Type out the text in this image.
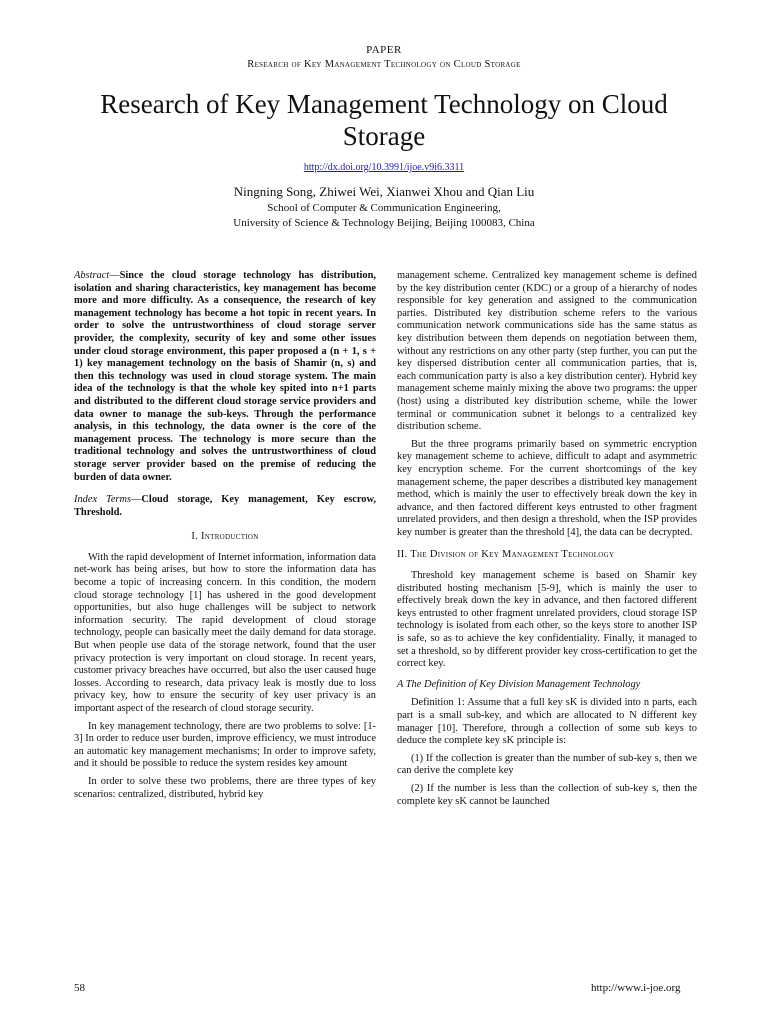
PAPER
Research of Key Management Technology on Cloud Storage
Research of Key Management Technology on Cloud Storage
http://dx.doi.org/10.3991/ijoe.v9i6.3311
Ningning Song, Zhiwei Wei, Xianwei Xhou and Qian Liu
School of Computer & Communication Engineering,
University of Science & Technology Beijing, Beijing 100083, China

Abstract—Since the cloud storage technology has distribution, isolation and sharing characteristics, key management has become more and more difficulty. As a consequence, the research of key management technology has become a hot topic in recent years. In order to solve the untrustworthiness of cloud storage server provider, the complexity, security of key and some other issues under cloud storage environment, this paper proposed a (n + 1, s + 1) key management technology on the basis of Shamir (n, s) and then this technology was used in cloud storage system. The main idea of the technology is that the whole key spited into n+1 parts and distributed to the different cloud storage service providers and data owner to manage the sub-keys. Through the performance analysis, in this technology, the data owner is the core of the management process. The technology is more secure than the traditional technology and solves the untrustworthiness of cloud storage server provider based on the premise of reducing the burden of data owner.

Index Terms—Cloud storage, Key management, Key escrow, Threshold.

I. Introduction

With the rapid development of Internet information, information data net-work has being arises, but how to store the information data has become a topic of increasing concern. In this condition, the modern cloud storage technology [1] has ushered in the good development opportunities, but also huge challenges will be subject to network information security. The rapid development of cloud storage technology, people can basically meet the daily demand for data storage. But when people use data of the storage network, found that the user privacy protection is very important on cloud storage. In recent years, customer privacy breaches have occurred, but also the user caused huge losses. According to research, data privacy leak is mostly due to loss privacy key, how to ensure the security of key user privacy is an important aspect of the research of cloud storage security.

In key management technology, there are two problems to solve: [1-3] In order to reduce user burden, improve efficiency, we must introduce an automatic key management mechanisms; In order to improve safety, and it should be possible to reduce the system resides key amount

In order to solve these two problems, there are three types of key scenarios: centralized, distributed, hybrid key

management scheme. Centralized key management scheme is defined by the key distribution center (KDC) or a group of a hierarchy of nodes responsible for key generation and assigned to the communication parties. Distributed key distribution scheme refers to the various communication network communications side has the same status as key distribution between them depends on negotiation between them, without any restrictions on any other party (step further, you can put the key dispersed distribution center all communication parties, that is, each communication party is also a key distribution center). Hybrid key management scheme mainly mixing the above two programs: the upper (host) using a distributed key distribution scheme, while the lower terminal or communication subnet it belongs to a centralized key distribution scheme.

But the three programs primarily based on symmetric encryption key management scheme to achieve, difficult to adapt and asymmetric key encryption scheme. For the current shortcomings of the key management scheme, the paper describes a distributed key management method, which is mainly the user to effectively break down the key in advance, and then factored different keys entrusted to other fragment unrelated providers, and then design a threshold, when the ISP provides key number is greater than the threshold [4], the data can be decrypted.

II. The Division of Key Management Technology

Threshold key management scheme is based on Shamir key distributed hosting mechanism [5-9], which is mainly the user to effectively break down the key in advance, and then factored different keys entrusted to other fragment unrelated providers, cloud storage ISP technology is isolated from each other, so the keys store to another ISP is safe, so as to achieve the key confidentiality. Finally, it managed to set a threshold, so by different provider key cross-certification to get the correct key.

A The Definition of Key Division Management Technology

Definition 1: Assume that a full key sK is divided into n parts, each part is a small sub-key, and which are allocated to N different key manager [10]. Therefore, through a collection of some sub keys to deduce the complete key sK principle is:

(1) If the collection is greater than the number of sub-key s, then we can derive the complete key

(2) If the number is less than the collection of sub-key s, then the complete key sK cannot be launched

58	http://www.i-joe.org
